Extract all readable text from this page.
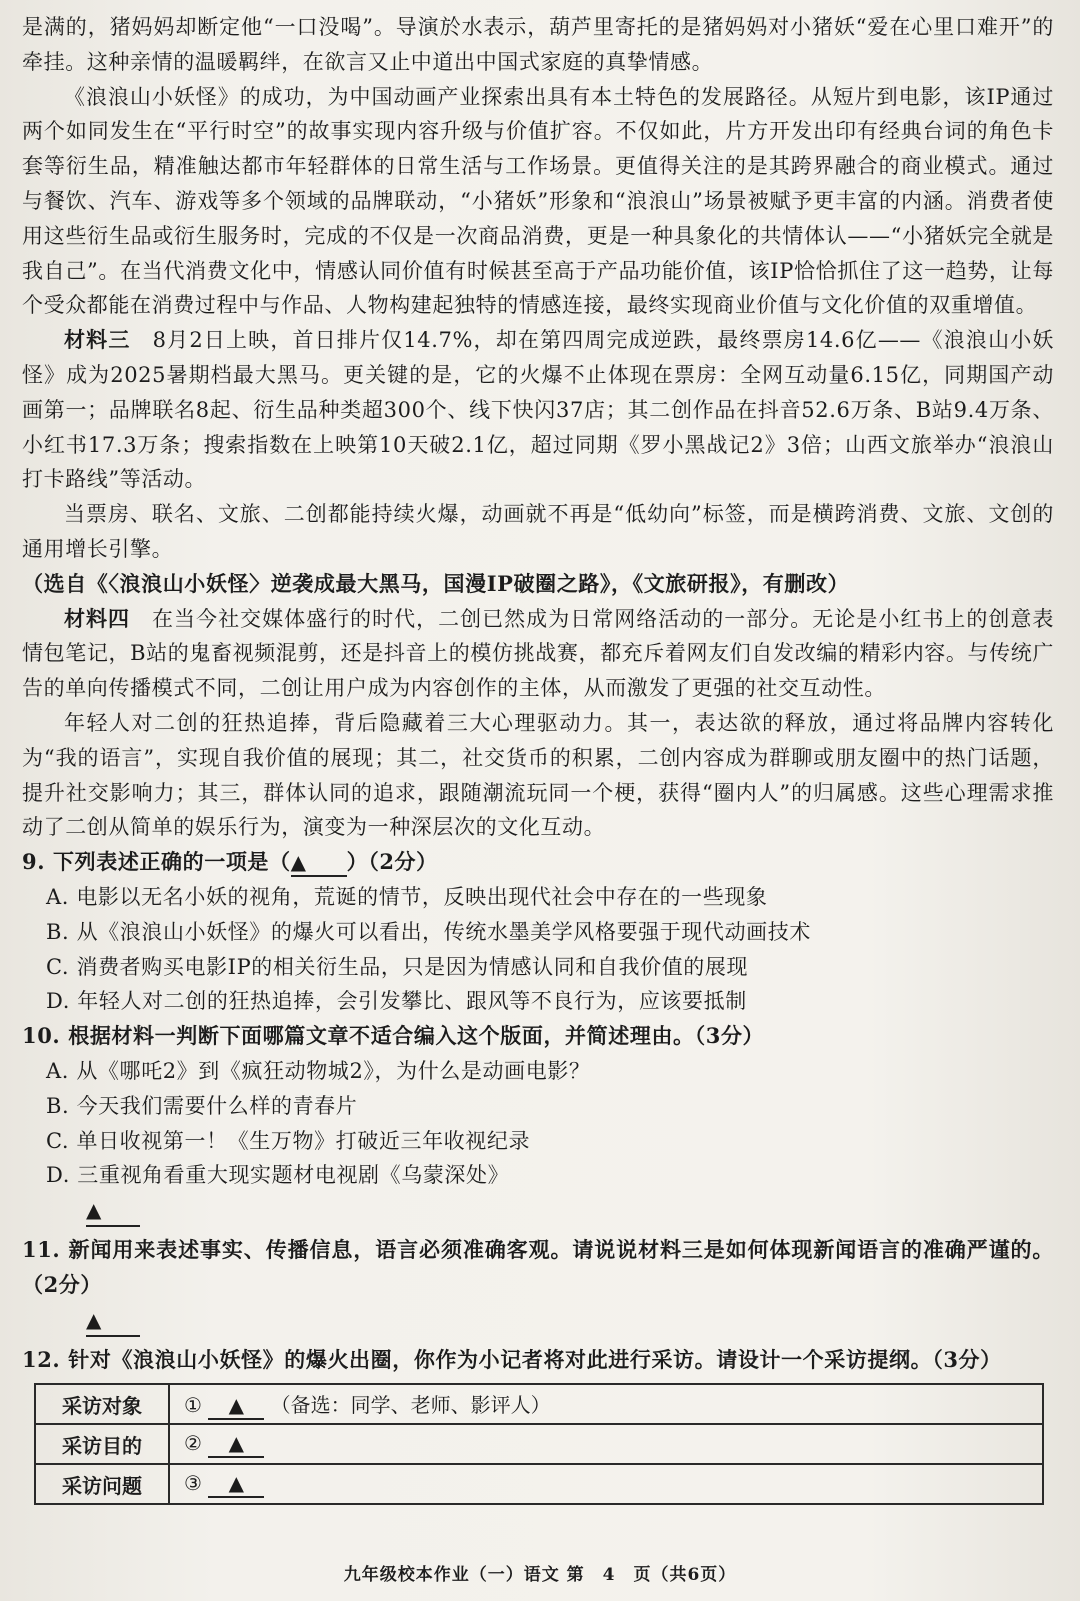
是满的，猪妈妈却断定他“一口没喝”。导演於水表示，葫芦里寄托的是猪妈妈对小猪妖“爱在心里口难开”的牵挂。这种亲情的温暖羁绊，在欲言又止中道出中国式家庭的真挚情感。

《浪浪山小妖怪》的成功，为中国动画产业探索出具有本土特色的发展路径。从短片到电影，该IP通过两个如同发生在“平行时空”的故事实现内容升级与价值扩容。不仅如此，片方开发出印有经典台词的角色卡套等衍生品，精准触达都市年轻群体的日常生活与工作场景。更值得关注的是其跨界融合的商业模式。通过与餐饮、汽车、游戏等多个领域的品牌联动，“小猪妖”形象和“浪浪山”场景被赋予更丰富的内涵。消费者使用这些衍生品或衍生服务时，完成的不仅是一次商品消费，更是一种具象化的共情体认——“小猪妖完全就是我自己”。在当代消费文化中，情感认同价值有时候甚至高于产品功能价值，该IP恰恰抓住了这一趋势，让每个受众都能在消费过程中与作品、人物构建起独特的情感连接，最终实现商业价值与文化价值的双重增值。

材料三　8月2日上映，首日排片仅14.7%，却在第四周完成逆跌，最终票房14.6亿——《浪浪山小妖怪》成为2025暑期档最大黑马。更关键的是，它的火爆不止体现在票房：全网互动量6.15亿，同期国产动画第一；品牌联名8起、衍生品种类超300个、线下快闪37店；其二创作品在抖音52.6万条、B站9.4万条、小红书17.3万条；搜索指数在上映第10天破2.1亿，超过同期《罗小黑战记2》3倍；山西文旅举办“浪浪山打卡路线”等活动。

当票房、联名、文旅、二创都能持续火爆，动画就不再是“低幼向”标签，而是横跨消费、文旅、文创的通用增长引擎。

（选自《〈浪浪山小妖怪〉逆袭成最大黑马，国漫IP破圈之路》，《文旅研报》，有删改）

材料四　在当今社交媒体盛行的时代，二创已然成为日常网络活动的一部分。无论是小红书上的创意表情包笔记，B站的鬼畜视频混剪，还是抖音上的模仿挑战赛，都充斥着网友们自发改编的精彩内容。与传统广告的单向传播模式不同，二创让用户成为内容创作的主体，从而激发了更强的社交互动性。

年轻人对二创的狂热追捧，背后隐藏着三大心理驱动力。其一，表达欲的释放，通过将品牌内容转化为“我的语言”，实现自我价值的展现；其二，社交货币的积累，二创内容成为群聊或朋友圈中的热门话题，提升社交影响力；其三，群体认同的追求，跟随潮流玩同一个梗，获得“圈内人”的归属感。这些心理需求推动了二创从简单的娱乐行为，演变为一种深层次的文化互动。

9. 下列表述正确的一项是（▲ ）（2分）

A. 电影以无名小妖的视角，荒诞的情节，反映出现代社会中存在的一些现象

B. 从《浪浪山小妖怪》的爆火可以看出，传统水墨美学风格要强于现代动画技术

C. 消费者购买电影IP的相关衍生品，只是因为情感认同和自我价值的展现

D. 年轻人对二创的狂热追捧，会引发攀比、跟风等不良行为，应该要抵制

10. 根据材料一判断下面哪篇文章不适合编入这个版面，并简述理由。（3分）

A. 从《哪吒2》到《疯狂动物城2》，为什么是动画电影？

B. 今天我们需要什么样的青春片

C. 单日收视第一！《生万物》打破近三年收视纪录

D. 三重视角看重大现实题材电视剧《乌蒙深处》

▲

11. 新闻用来表述事实、传播信息，语言必须准确客观。请说说材料三是如何体现新闻语言的准确严谨的。（2分）

▲

12. 针对《浪浪山小妖怪》的爆火出圈，你作为小记者将对此进行采访。请设计一个采访提纲。（3分）

采访对象	① ▲ （备选：同学、老师、影评人）
采访目的	② ▲
采访问题	③ ▲
九年级校本作业（一）语文 第　4　页（共6页）
